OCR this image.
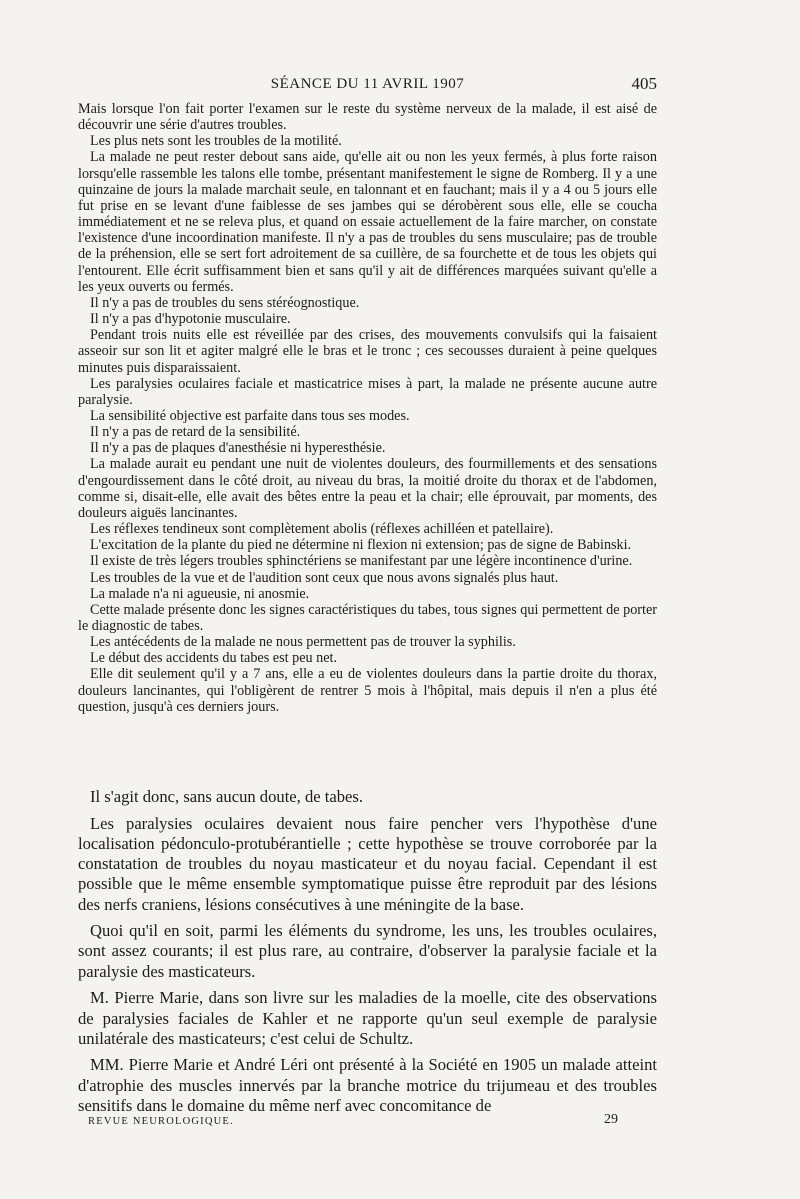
SÉANCE DU 11 AVRIL 1907	405

Mais lorsque l'on fait porter l'examen sur le reste du système nerveux de la malade, il est aisé de découvrir une série d'autres troubles.

Les plus nets sont les troubles de la motilité.

La malade ne peut rester debout sans aide, qu'elle ait ou non les yeux fermés, à plus forte raison lorsqu'elle rassemble les talons elle tombe, présentant manifestement le signe de Romberg. Il y a une quinzaine de jours la malade marchait seule, en talonnant et en fauchant; mais il y a 4 ou 5 jours elle fut prise en se levant d'une faiblesse de ses jambes qui se dérobèrent sous elle, elle se coucha immédiatement et ne se releva plus, et quand on essaie actuellement de la faire marcher, on constate l'existence d'une incoordination manifeste. Il n'y a pas de troubles du sens musculaire; pas de trouble de la préhension, elle se sert fort adroitement de sa cuillère, de sa fourchette et de tous les objets qui l'entourent. Elle écrit suffisamment bien et sans qu'il y ait de différences marquées suivant qu'elle a les yeux ouverts ou fermés.

Il n'y a pas de troubles du sens stéréognostique.

Il n'y a pas d'hypotonie musculaire.

Pendant trois nuits elle est réveillée par des crises, des mouvements convulsifs qui la faisaient asseoir sur son lit et agiter malgré elle le bras et le tronc ; ces secousses duraient à peine quelques minutes puis disparaissaient.

Les paralysies oculaires faciale et masticatrice mises à part, la malade ne présente aucune autre paralysie.

La sensibilité objective est parfaite dans tous ses modes.

Il n'y a pas de retard de la sensibilité.

Il n'y a pas de plaques d'anesthésie ni hyperesthésie.

La malade aurait eu pendant une nuit de violentes douleurs, des fourmillements et des sensations d'engourdissement dans le côté droit, au niveau du bras, la moitié droite du thorax et de l'abdomen, comme si, disait-elle, elle avait des bêtes entre la peau et la chair; elle éprouvait, par moments, des douleurs aiguës lancinantes.

Les réflexes tendineux sont complètement abolis (réflexes achilléen et patellaire).

L'excitation de la plante du pied ne détermine ni flexion ni extension; pas de signe de Babinski.

Il existe de très légers troubles sphinctériens se manifestant par une légère incontinence d'urine.

Les troubles de la vue et de l'audition sont ceux que nous avons signalés plus haut.

La malade n'a ni agueusie, ni anosmie.

Cette malade présente donc les signes caractéristiques du tabes, tous signes qui permettent de porter le diagnostic de tabes.

Les antécédents de la malade ne nous permettent pas de trouver la syphilis.

Le début des accidents du tabes est peu net.

Elle dit seulement qu'il y a 7 ans, elle a eu de violentes douleurs dans la partie droite du thorax, douleurs lancinantes, qui l'obligèrent de rentrer 5 mois à l'hôpital, mais depuis il n'en a plus été question, jusqu'à ces derniers jours.

Il s'agit donc, sans aucun doute, de tabes.

Les paralysies oculaires devaient nous faire pencher vers l'hypothèse d'une localisation pédonculo-protubérantielle ; cette hypothèse se trouve corroborée par la constatation de troubles du noyau masticateur et du noyau facial. Cependant il est possible que le même ensemble symptomatique puisse être reproduit par des lésions des nerfs craniens, lésions consécutives à une méningite de la base.

Quoi qu'il en soit, parmi les éléments du syndrome, les uns, les troubles oculaires, sont assez courants; il est plus rare, au contraire, d'observer la paralysie faciale et la paralysie des masticateurs.

M. Pierre Marie, dans son livre sur les maladies de la moelle, cite des observations de paralysies faciales de Kahler et ne rapporte qu'un seul exemple de paralysie unilatérale des masticateurs; c'est celui de Schultz.

MM. Pierre Marie et André Léri ont présenté à la Société en 1905 un malade atteint d'atrophie des muscles innervés par la branche motrice du trijumeau et des troubles sensitifs dans le domaine du même nerf avec concomitance de

REVUE NEUROLOGIQUE.	29
